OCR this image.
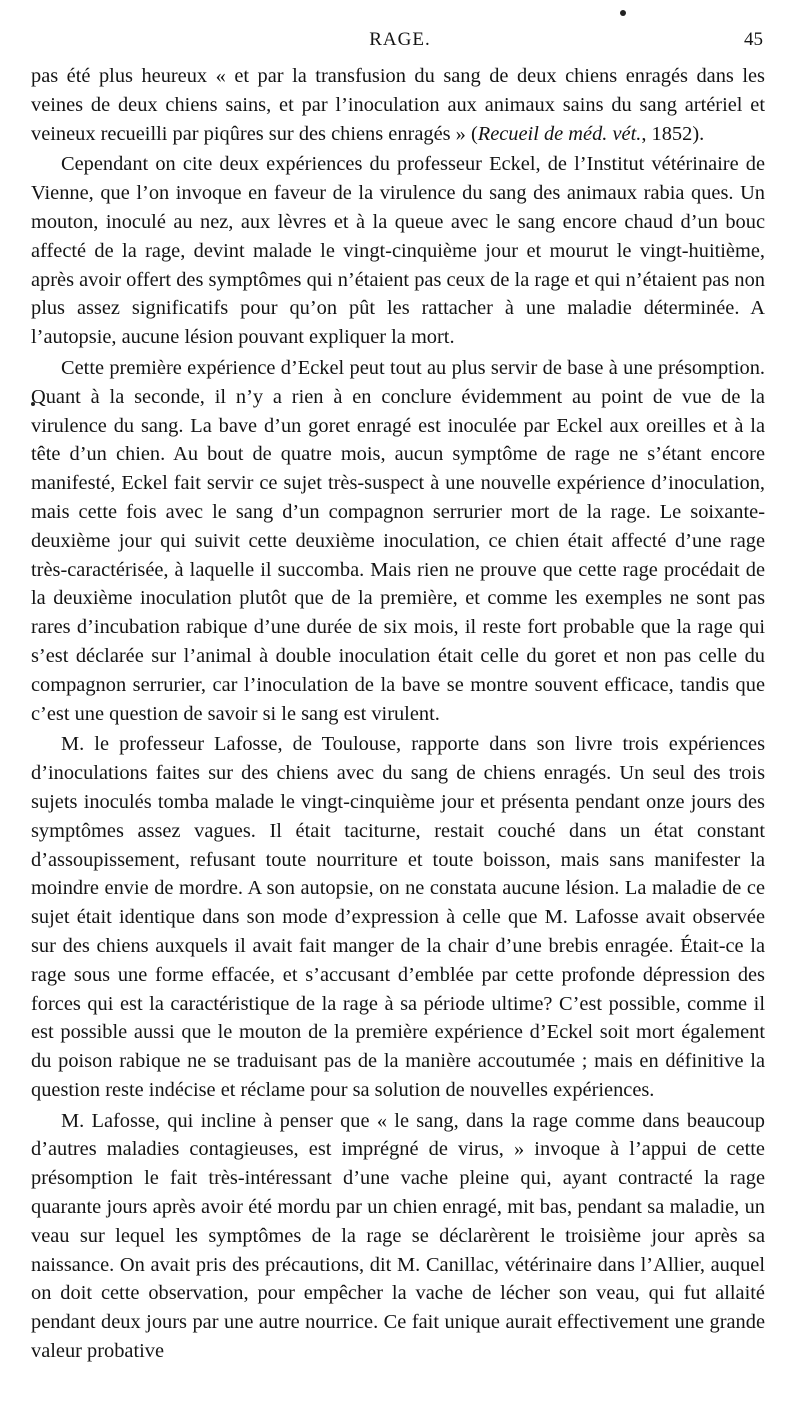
RAGE.	45

pas été plus heureux « et par la transfusion du sang de deux chiens enragés dans les veines de deux chiens sains, et par l’inoculation aux animaux sains du sang artériel et veineux recueilli par piqûres sur des chiens enragés » (Recueil de méd. vét., 1852).

Cependant on cite deux expériences du professeur Eckel, de l’Institut vétérinaire de Vienne, que l’on invoque en faveur de la virulence du sang des animaux rabia ques. Un mouton, inoculé au nez, aux lèvres et à la queue avec le sang encore chaud d’un bouc affecté de la rage, devint malade le vingt-cinquième jour et mourut le vingt-huitième, après avoir offert des symptômes qui n’étaient pas ceux de la rage et qui n’étaient pas non plus assez significatifs pour qu’on pût les rattacher à une maladie déterminée. A l’autopsie, aucune lésion pouvant expliquer la mort.

Cette première expérience d’Eckel peut tout au plus servir de base à une présomption. Quant à la seconde, il n’y a rien à en conclure évidemment au point de vue de la virulence du sang. La bave d’un goret enragé est inoculée par Eckel aux oreilles et à la tête d’un chien. Au bout de quatre mois, aucun symptôme de rage ne s’étant encore manifesté, Eckel fait servir ce sujet très-suspect à une nouvelle expérience d’inoculation, mais cette fois avec le sang d’un compagnon serrurier mort de la rage. Le soixante-deuxième jour qui suivit cette deuxième inoculation, ce chien était affecté d’une rage très-caractérisée, à laquelle il succomba. Mais rien ne prouve que cette rage procédait de la deuxième inoculation plutôt que de la première, et comme les exemples ne sont pas rares d’incubation rabique d’une durée de six mois, il reste fort probable que la rage qui s’est déclarée sur l’animal à double inoculation était celle du goret et non pas celle du compagnon serrurier, car l’inoculation de la bave se montre souvent efficace, tandis que c’est une question de savoir si le sang est virulent.

M. le professeur Lafosse, de Toulouse, rapporte dans son livre trois expériences d’inoculations faites sur des chiens avec du sang de chiens enragés. Un seul des trois sujets inoculés tomba malade le vingt-cinquième jour et présenta pendant onze jours des symptômes assez vagues. Il était taciturne, restait couché dans un état constant d’assoupissement, refusant toute nourriture et toute boisson, mais sans manifester la moindre envie de mordre. A son autopsie, on ne constata aucune lésion. La maladie de ce sujet était identique dans son mode d’expression à celle que M. Lafosse avait observée sur des chiens auxquels il avait fait manger de la chair d’une brebis enragée. Était-ce la rage sous une forme effacée, et s’accusant d’emblée par cette profonde dépression des forces qui est la caractéristique de la rage à sa période ultime? C’est possible, comme il est possible aussi que le mouton de la première expérience d’Eckel soit mort également du poison rabique ne se traduisant pas de la manière accoutumée ; mais en définitive la question reste indécise et réclame pour sa solution de nouvelles expériences.

M. Lafosse, qui incline à penser que « le sang, dans la rage comme dans beaucoup d’autres maladies contagieuses, est imprégné de virus, » invoque à l’appui de cette présomption le fait très-intéressant d’une vache pleine qui, ayant contracté la rage quarante jours après avoir été mordu par un chien enragé, mit bas, pendant sa maladie, un veau sur lequel les symptômes de la rage se déclarèrent le troisième jour après sa naissance. On avait pris des précautions, dit M. Canillac, vétérinaire dans l’Allier, auquel on doit cette observation, pour empêcher la vache de lécher son veau, qui fut allaité pendant deux jours par une autre nourrice. Ce fait unique aurait effectivement une grande valeur probative
